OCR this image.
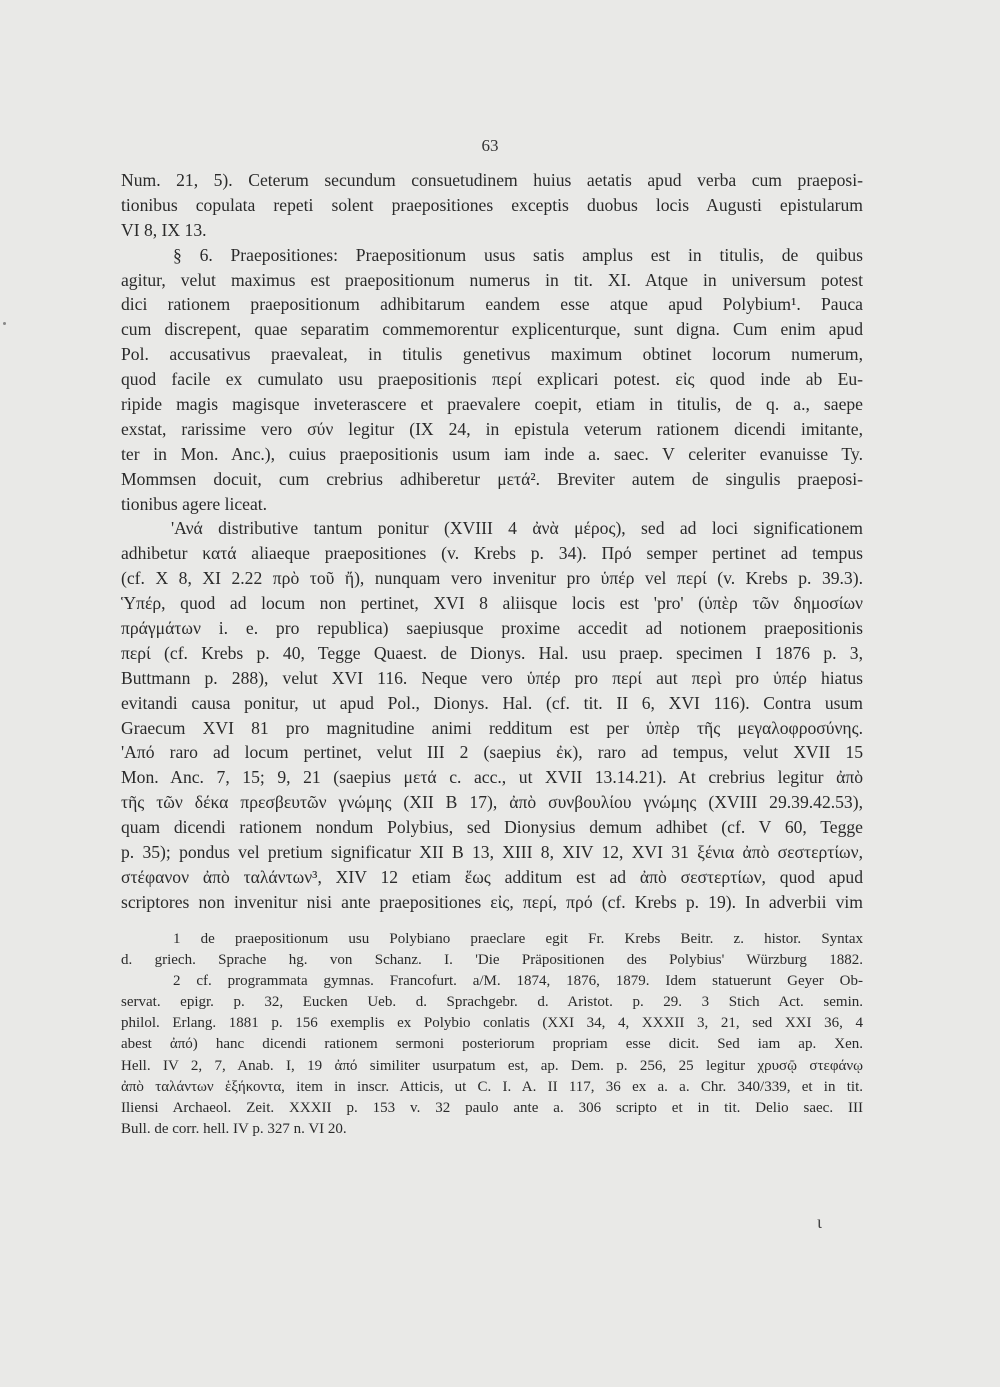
63
Num. 21, 5). Ceterum secundum consuetudinem huius aetatis apud verba cum praeposi-
tionibus copulata repeti solent praepositiones exceptis duobus locis Augusti epistularum
VI 8, IX 13.
§ 6. Praepositiones: Praepositionum usus satis amplus est in titulis, de quibus
agitur, velut maximus est praepositionum numerus in tit. XI. Atque in universum potest
dici rationem praepositionum adhibitarum eandem esse atque apud Polybium¹. Pauca
cum discrepent, quae separatim commemorentur explicenturque, sunt digna. Cum enim apud
Pol. accusativus praevaleat, in titulis genetivus maximum obtinet locorum numerum,
quod facile ex cumulato usu praepositionis περί explicari potest. εἰς quod inde ab Eu-
ripide magis magisque inveterascere et praevalere coepit, etiam in titulis, de q. a., saepe
exstat, rarissime vero σύν legitur (IX 24, in epistula veterum rationem dicendi imitante,
ter in Mon. Anc.), cuius praepositionis usum iam inde a. saec. V celeriter evanuisse Ty.
Mommsen docuit, cum crebrius adhiberetur μετά². Breviter autem de singulis praeposi-
tionibus agere liceat.
'Ανά distributive tantum ponitur (XVIII 4 ἀνὰ μέρος), sed ad loci significationem
adhibetur κατά aliaeque praepositiones (v. Krebs p. 34). Πρό semper pertinet ad tempus
(cf. X 8, XI 2.22 πρὸ τοῦ ἤ), nunquam vero invenitur pro ὑπέρ vel περί (v. Krebs p. 39.3).
Ὑπέρ, quod ad locum non pertinet, XVI 8 aliisque locis est 'pro' (ὑπὲρ τῶν δημοσίων
πράγμάτων i. e. pro republica) saepiusque proxime accedit ad notionem praepositionis
περί (cf. Krebs p. 40, Tegge Quaest. de Dionys. Hal. usu praep. specimen I 1876 p. 3,
Buttmann p. 288), velut XVI 116. Neque vero ὑπέρ pro περί aut περὶ pro ὑπέρ hiatus
evitandi causa ponitur, ut apud Pol., Dionys. Hal. (cf. tit. II 6, XVI 116). Contra usum
Graecum XVI 81 pro magnitudine animi redditum est per ὑπὲρ τῆς μεγαλοφροσύνης.
'Από raro ad locum pertinet, velut III 2 (saepius ἐκ), raro ad tempus, velut XVII 15
Mon. Anc. 7, 15; 9, 21 (saepius μετά c. acc., ut XVII 13.14.21). At crebrius legitur ἀπὸ
τῆς τῶν δέκα πρεσβευτῶν γνώμης (XII B 17), ἀπὸ συνβουλίου γνώμης (XVIII 29.39.42.53),
quam dicendi rationem nondum Polybius, sed Dionysius demum adhibet (cf. V 60, Tegge
p. 35); pondus vel pretium significatur XII B 13, XIII 8, XIV 12, XVI 31 ξένια ἀπὸ σεστερτίων,
στέφανον ἀπὸ ταλάντων³, XIV 12 etiam ἕως additum est ad ἀπὸ σεστερτίων, quod apud
scriptores non invenitur nisi ante praepositiones εἰς, περί, πρό (cf. Krebs p. 19). In adverbii vim
1 de praepositionum usu Polybiano praeclare egit Fr. Krebs Beitr. z. histor. Syntax
d. griech. Sprache hg. von Schanz. I. 'Die Präpositionen des Polybius' Würzburg 1882.
2 cf. programmata gymnas. Francofurt. a/M. 1874, 1876, 1879. Idem statuerunt Geyer Ob-
servat. epigr. p. 32, Eucken Ueb. d. Sprachgebr. d. Aristot. p. 29. 3 Stich Act. semin.
philol. Erlang. 1881 p. 156 exemplis ex Polybio conlatis (XXI 34, 4, XXXII 3, 21, sed XXI 36, 4
abest ἀπό) hanc dicendi rationem sermoni posteriorum propriam esse dicit. Sed iam ap. Xen.
Hell. IV 2, 7, Anab. I, 19 ἀπό similiter usurpatum est, ap. Dem. p. 256, 25 legitur χρυσῷ στεφάνῳ
ἀπὸ ταλάντων ἑξήκοντα, item in inscr. Atticis, ut C. I. A. II 117, 36 ex a. a. Chr. 340/339, et in tit.
Iliensi Archaeol. Zeit. XXXII p. 153 v. 32 paulo ante a. 306 scripto et in tit. Delio saec. III
Bull. de corr. hell. IV p. 327 n. VI 20.
ι
